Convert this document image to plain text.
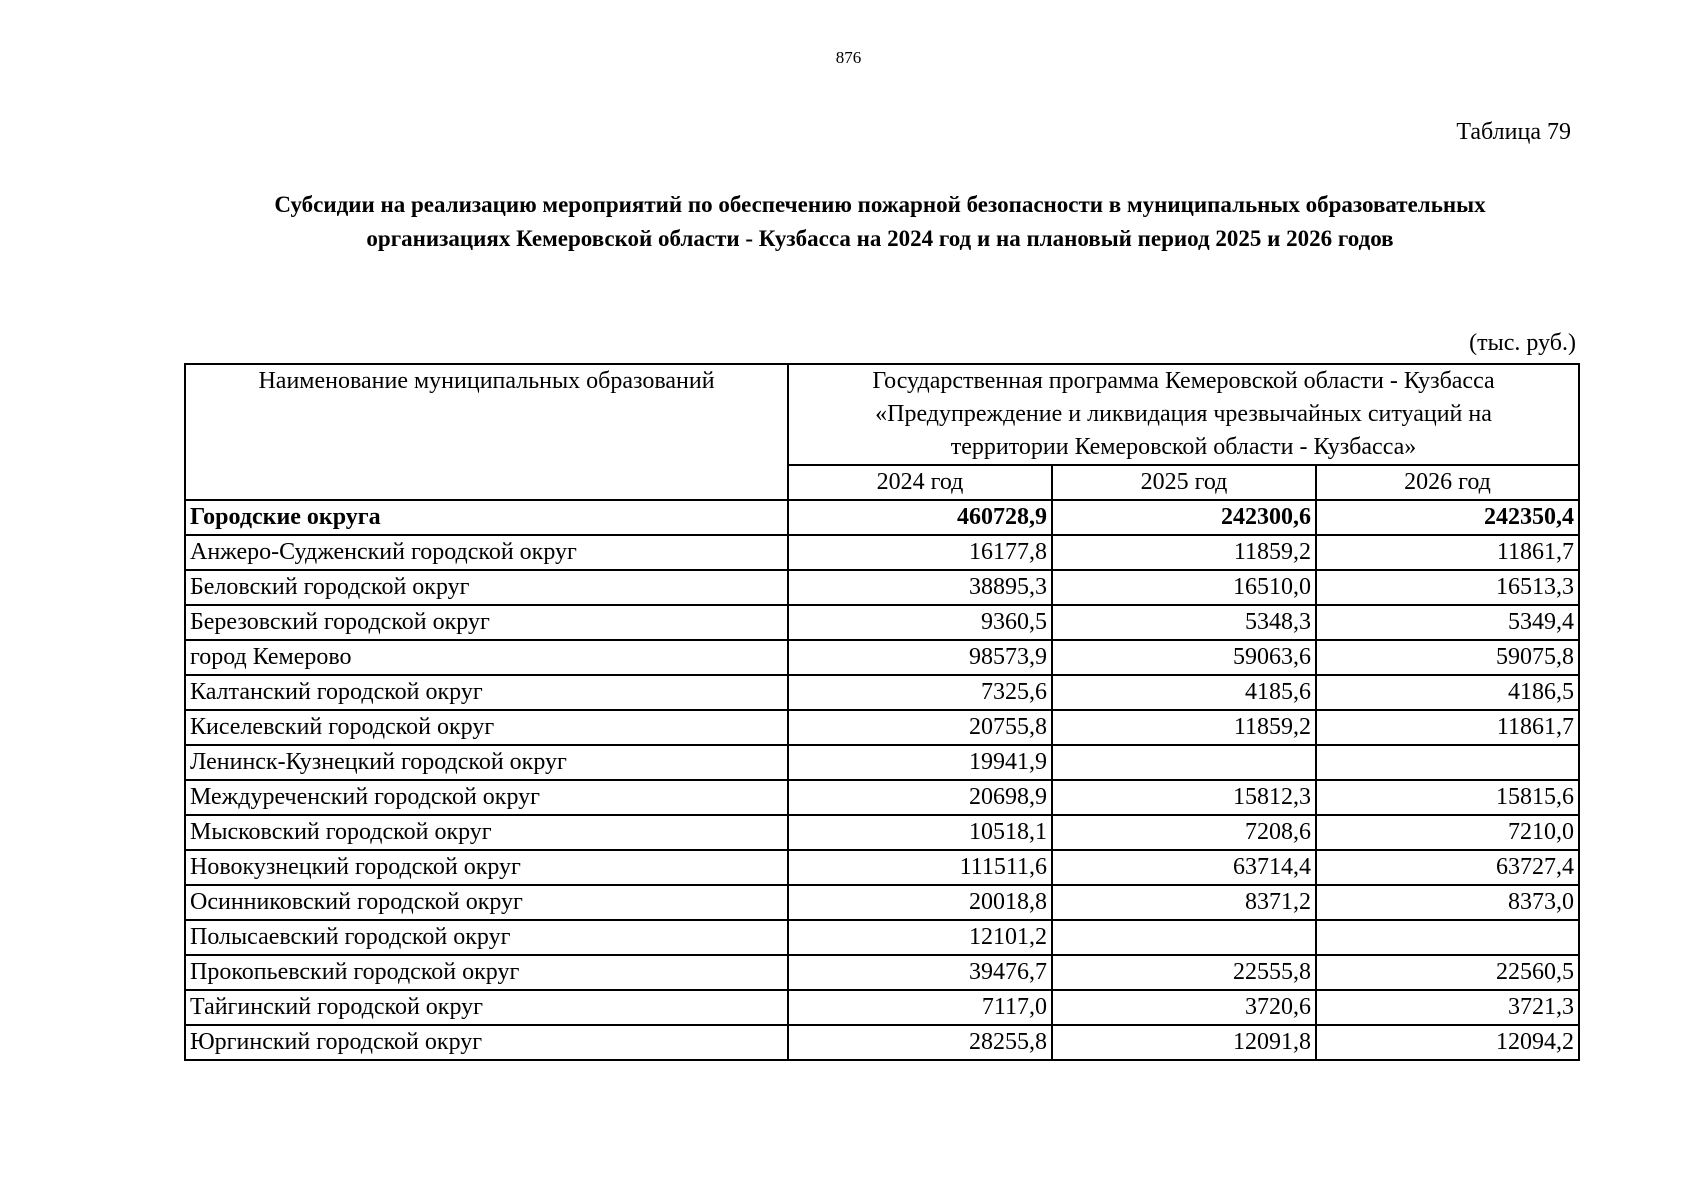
876
Таблица 79
Субсидии на реализацию мероприятий по обеспечению пожарной безопасности в муниципальных образовательных
организациях Кемеровской области - Кузбасса на 2024 год и на плановый период 2025 и 2026 годов
(тыс. руб.)
Наименование муниципальных образований	Государственная программа Кемеровской области - Кузбасса
«Предупреждение и ликвидация чрезвычайных ситуаций на
территории Кемеровской области - Кузбасса»		

	2024 год	2025 год	2026 год
Городские округа	460728,9	242300,6	242350,4
Анжеро-Судженский городской округ	16177,8	11859,2	11861,7
Беловский городской округ	38895,3	16510,0	16513,3
Березовский городской округ	9360,5	5348,3	5349,4
город Кемерово	98573,9	59063,6	59075,8
Калтанский городской округ	7325,6	4185,6	4186,5
Киселевский городской округ	20755,8	11859,2	11861,7
Ленинск-Кузнецкий городской округ	19941,9		
Междуреченский городской округ	20698,9	15812,3	15815,6
Мысковский городской округ	10518,1	7208,6	7210,0
Новокузнецкий городской округ	111511,6	63714,4	63727,4
Осинниковский городской округ	20018,8	8371,2	8373,0
Полысаевский городской округ	12101,2		
Прокопьевский городской округ	39476,7	22555,8	22560,5
Тайгинский городской округ	7117,0	3720,6	3721,3
Юргинский городской округ	28255,8	12091,8	12094,2
